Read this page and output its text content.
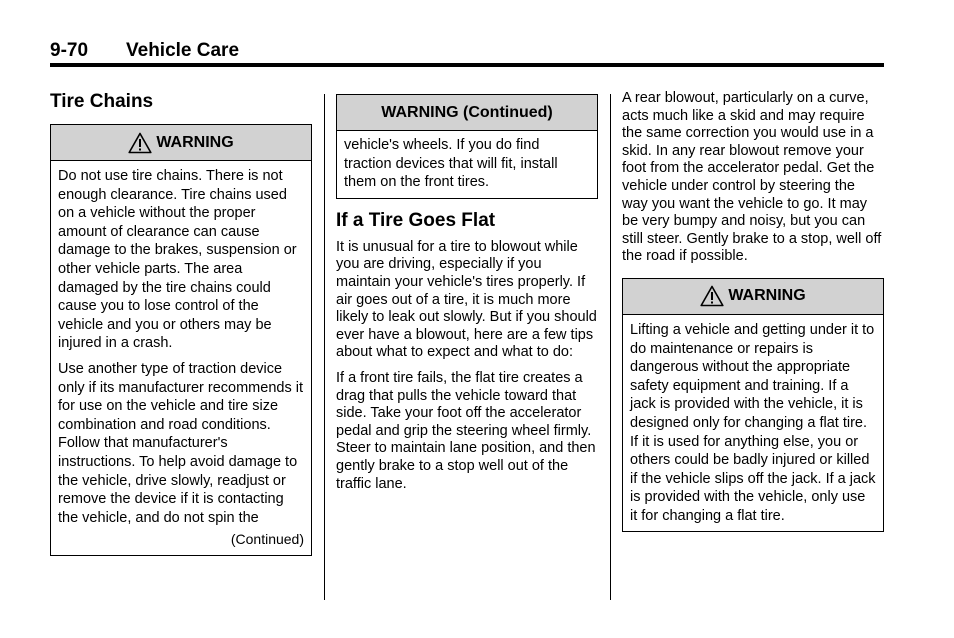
9-70 Vehicle Care
Tire Chains
WARNING

Do not use tire chains. There is not enough clearance. Tire chains used on a vehicle without the proper amount of clearance can cause damage to the brakes, suspension or other vehicle parts. The area damaged by the tire chains could cause you to lose control of the vehicle and you or others may be injured in a crash.

Use another type of traction device only if its manufacturer recommends it for use on the vehicle and tire size combination and road conditions. Follow that manufacturer's instructions. To help avoid damage to the vehicle, drive slowly, readjust or remove the device if it is contacting the vehicle, and do not spin the

(Continued)
WARNING (Continued)

vehicle's wheels. If you do find traction devices that will fit, install them on the front tires.

If a Tire Goes Flat

It is unusual for a tire to blowout while you are driving, especially if you maintain your vehicle's tires properly. If air goes out of a tire, it is much more likely to leak out slowly. But if you should ever have a blowout, here are a few tips about what to expect and what to do:

If a front tire fails, the flat tire creates a drag that pulls the vehicle toward that side. Take your foot off the accelerator pedal and grip the steering wheel firmly. Steer to maintain lane position, and then gently brake to a stop well out of the traffic lane.

A rear blowout, particularly on a curve, acts much like a skid and may require the same correction you would use in a skid. In any rear blowout remove your foot from the accelerator pedal. Get the vehicle under control by steering the way you want the vehicle to go. It may be very bumpy and noisy, but you can still steer. Gently brake to a stop, well off the road if possible.

WARNING

Lifting a vehicle and getting under it to do maintenance or repairs is dangerous without the appropriate safety equipment and training. If a jack is provided with the vehicle, it is designed only for changing a flat tire. If it is used for anything else, you or others could be badly injured or killed if the vehicle slips off the jack. If a jack is provided with the vehicle, only use it for changing a flat tire.
